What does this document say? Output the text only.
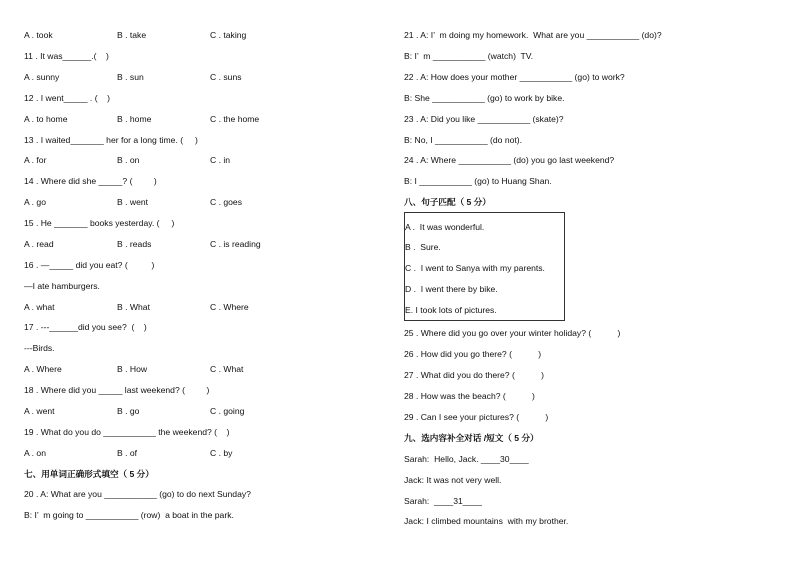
A . took	B . take	C . taking
11 . It was______.(    )
A . sunny	B . sun	C . suns
12 . I went_____ . (    )
A . to home	B . home	C . the home
13 . I waited_______ her for a long time. (     )
A . for	B . on	C . in
14 . Where did she _____? (         )
A . go	B . went	C . goes
15 . He _______ books yesterday. (     )
A . read	B . reads	C . is reading
16 . —_____ did you eat? (          )
—I ate hamburgers.
A . what	B . What	C . Where
17 . ---______did you see?  (    )
---Birds.
A . Where	B . How	C . What
18 . Where did you _____ last weekend? (         )
A . went	B . go	C . going
19 . What do you do ___________ the weekend? (    )
A . on	B . of	C . by
七、用单词正确形式填空（ 5 分）
20 . A: What are you ___________ (go) to do next Sunday?
B: I’  m going to ___________ (row)  a boat in the park.
21 . A: I’  m doing my homework.  What are you ___________ (do)?
B: I’  m ___________ (watch)  TV.
22 . A: How does your mother ___________ (go) to work?
B: She ___________ (go) to work by bike.
23 . A: Did you like ___________ (skate)?
B: No, I ___________ (do not).
24 . A: Where ___________ (do) you go last weekend?
B: I ___________ (go) to Huang Shan.
八、句子匹配（ 5 分）
A .  It was wonderful.
B .  Sure.
C .  I went to Sanya with my parents.
D .  I went there by bike.
E. I took lots of pictures.
25 . Where did you go over your winter holiday? (           )
26 . How did you go there? (           )
27 . What did you do there? (           )
28 . How was the beach? (           )
29 . Can I see your pictures? (           )
九、选内容补全对话 /短文（ 5 分）
Sarah:  Hello, Jack. ____30____
Jack: It was not very well.
Sarah:  ____31____
Jack: I climbed mountains  with my brother.
